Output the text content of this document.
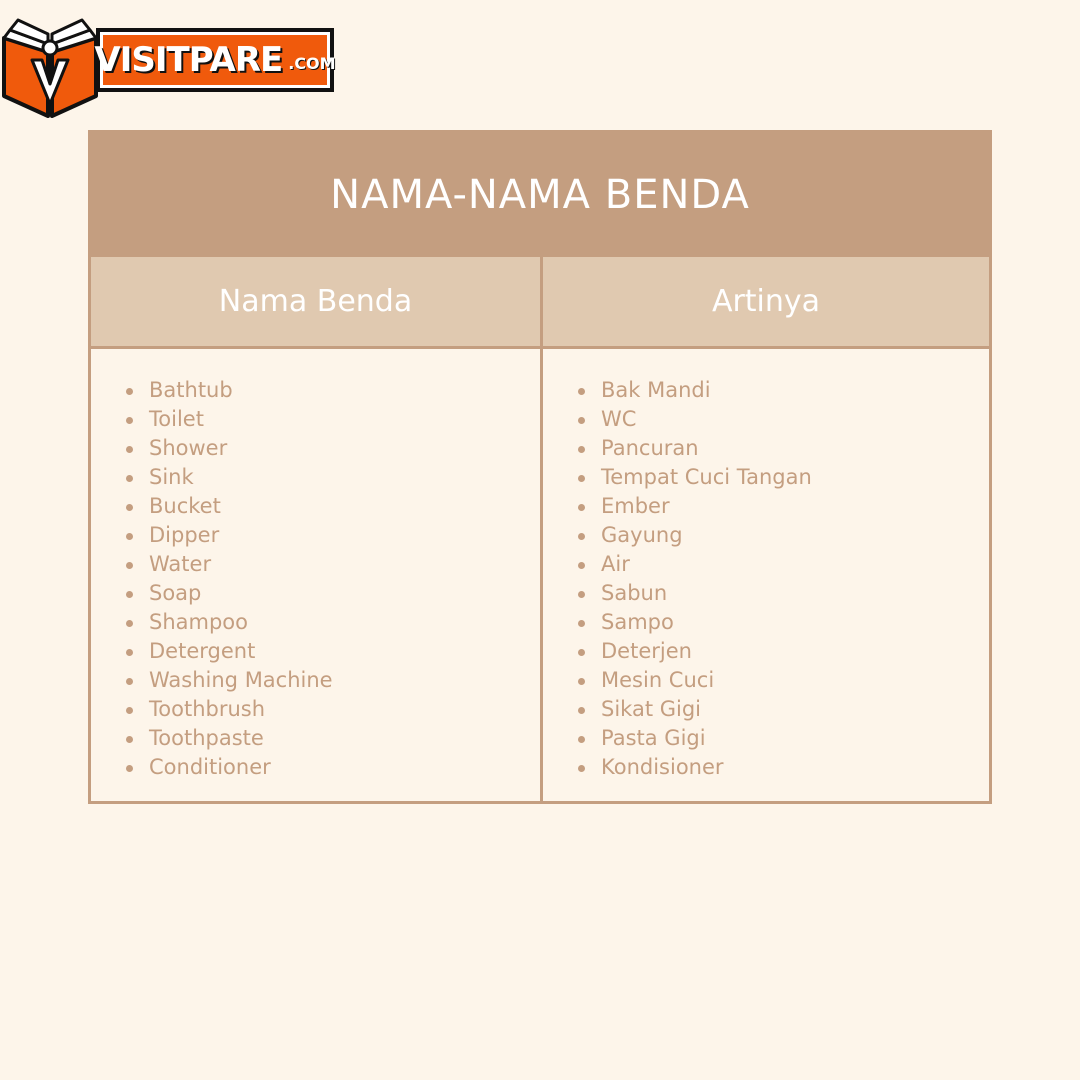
VISITPARE .COM
NAMA-NAMA BENDA
Nama Benda	Artinya
Bathtub
Toilet
Shower
Sink
Bucket
Dipper
Water
Soap
Shampoo
Detergent
Washing Machine
Toothbrush
Toothpaste
Conditioner
Bak Mandi
WC
Pancuran
Tempat Cuci Tangan
Ember
Gayung
Air
Sabun
Sampo
Deterjen
Mesin Cuci
Sikat Gigi
Pasta Gigi
Kondisioner
